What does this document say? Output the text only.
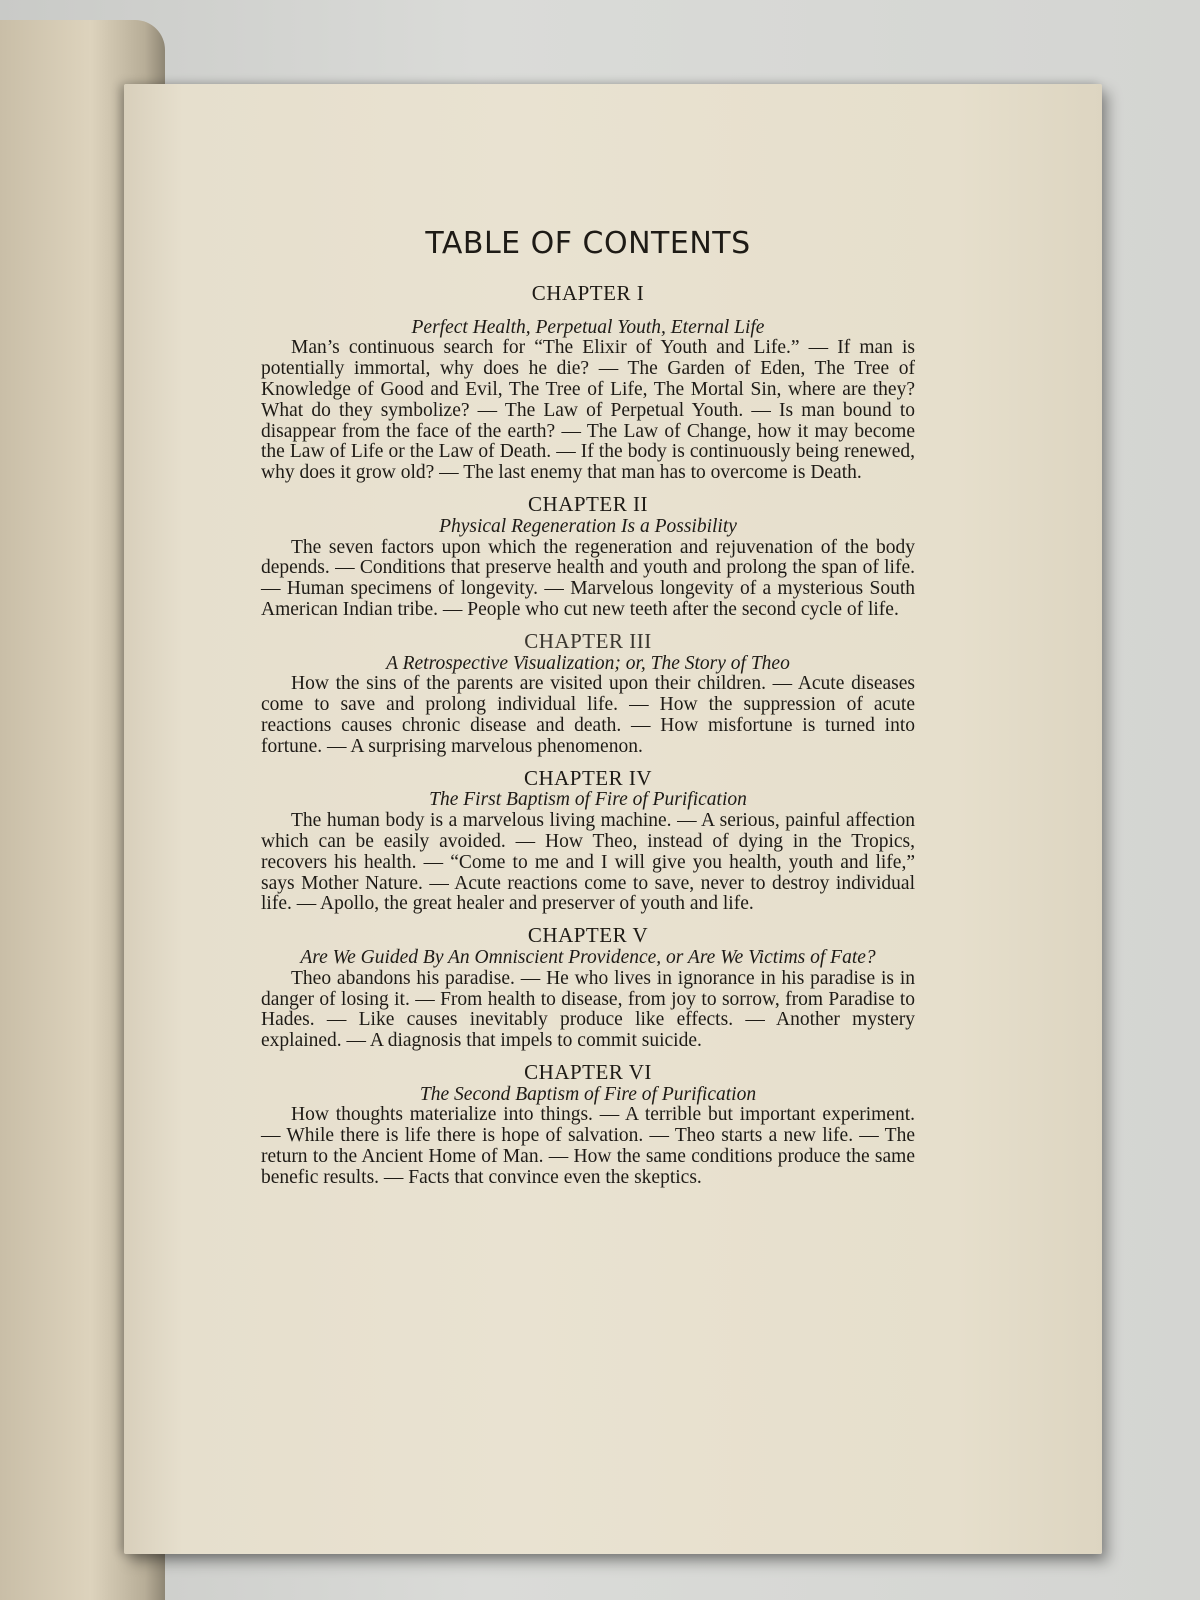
TABLE OF CONTENTS
CHAPTER I
Perfect Health, Perpetual Youth, Eternal Life

Man’s continuous search for “The Elixir of Youth and Life.” — If man is potentially immortal, why does he die? — The Garden of Eden, The Tree of Knowledge of Good and Evil, The Tree of Life, The Mortal Sin, where are they? What do they symbolize? — The Law of Perpetual Youth. — Is man bound to disappear from the face of the earth? — The Law of Change, how it may become the Law of Life or the Law of Death. — If the body is continuously being renewed, why does it grow old? — The last enemy that man has to overcome is Death.

CHAPTER II
Physical Regeneration Is a Possibility

The seven factors upon which the regeneration and rejuvenation of the body depends. — Conditions that preserve health and youth and prolong the span of life. — Human specimens of longevity. — Marvelous longevity of a mysterious South American Indian tribe. — People who cut new teeth after the second cycle of life.

CHAPTER III
A Retrospective Visualization; or, The Story of Theo

How the sins of the parents are visited upon their children. — Acute diseases come to save and prolong individual life. — How the suppression of acute reactions causes chronic disease and death. — How misfortune is turned into fortune. — A surprising marvelous phenomenon.

CHAPTER IV
The First Baptism of Fire of Purification

The human body is a marvelous living machine. — A serious, painful affection which can be easily avoided. — How Theo, instead of dying in the Tropics, recovers his health. — “Come to me and I will give you health, youth and life,” says Mother Nature. — Acute reactions come to save, never to destroy individual life. — Apollo, the great healer and preserver of youth and life.

CHAPTER V
Are We Guided By An Omniscient Providence, or Are We Victims of Fate?

Theo abandons his paradise. — He who lives in ignorance in his paradise is in danger of losing it. — From health to disease, from joy to sorrow, from Paradise to Hades. — Like causes inevitably produce like effects. — Another mystery explained. — A diagnosis that impels to commit suicide.

CHAPTER VI
The Second Baptism of Fire of Purification

How thoughts materialize into things. — A terrible but important experiment. — While there is life there is hope of salvation. — Theo starts a new life. — The return to the Ancient Home of Man. — How the same conditions produce the same benefic results. — Facts that convince even the skeptics.
